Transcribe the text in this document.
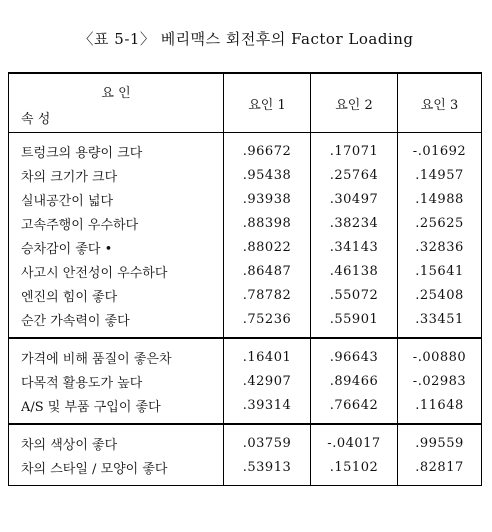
〈표 5-1〉 베리맥스 회전후의 Factor Loading
요 인
속 성	요인 1	요인 2	요인 3
트렁크의 용량이 크다	.96672	.17071	-.01692
차의 크기가 크다	.95438	.25764	.14957
실내공간이 넓다	.93938	.30497	.14988
고속주행이 우수하다	.88398	.38234	.25625
승차감이 좋다 •	.88022	.34143	.32836
사고시 안전성이 우수하다	.86487	.46138	.15641
엔진의 힘이 좋다	.78782	.55072	.25408
순간 가속력이 좋다	.75236	.55901	.33451
가격에 비해 품질이 좋은차	.16401	.96643	-.00880
다목적 활용도가 높다	.42907	.89466	-.02983
A/S 및 부품 구입이 좋다	.39314	.76642	.11648
차의 색상이 좋다	.03759	-.04017	.99559
차의 스타일 / 모양이 좋다	.53913	.15102	.82817
